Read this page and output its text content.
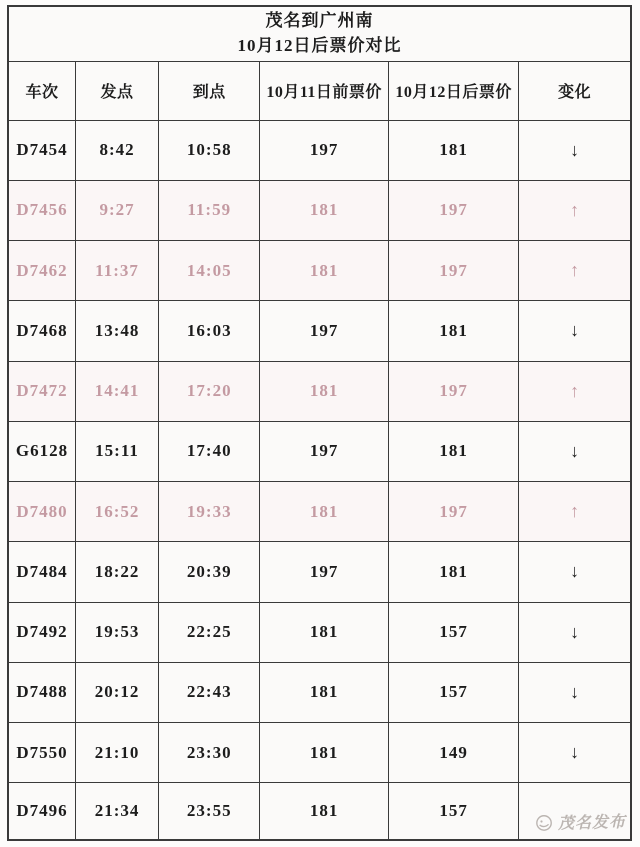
茂名到广州南
10月12日后票价对比
车次	发点	到点	10月11日前票价	10月12日后票价	变化
D7454	8:42	10:58	197	181	↓
D7456	9:27	11:59	181	197	↑
D7462	11:37	14:05	181	197	↑
D7468	13:48	16:03	197	181	↓
D7472	14:41	17:20	181	197	↑
G6128	15:11	17:40	197	181	↓
D7480	16:52	19:33	181	197	↑
D7484	18:22	20:39	197	181	↓
D7492	19:53	22:25	181	157	↓
D7488	20:12	22:43	181	157	↓
D7550	21:10	23:30	181	149	↓
D7496	21:34	23:55	181	157	
茂名发布
